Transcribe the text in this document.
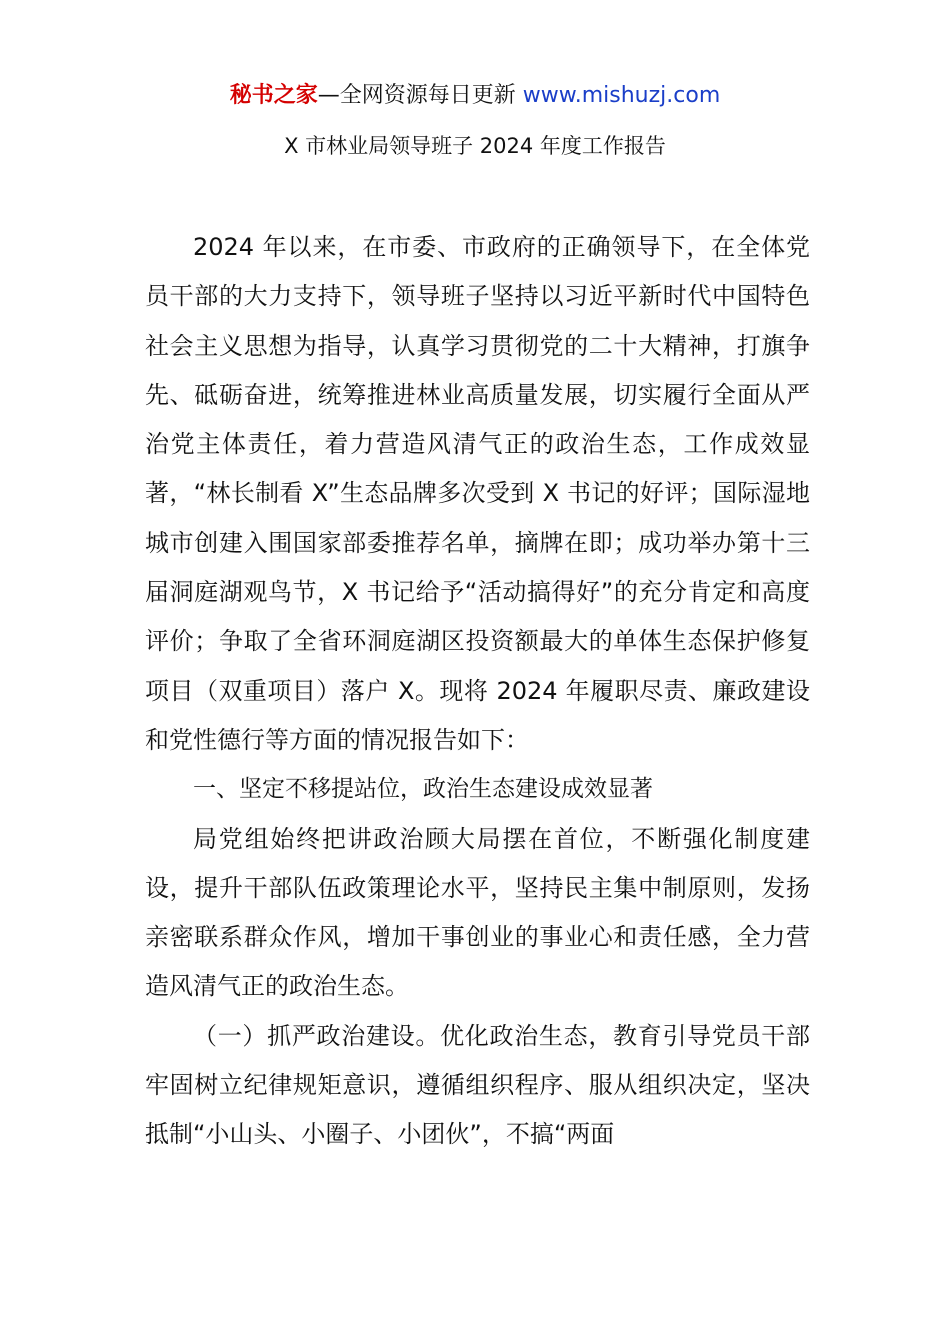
秘书之家—全网资源每日更新 www.mishuzj.com
X 市林业局领导班子 2024 年度工作报告

2024 年以来，在市委、市政府的正确领导下，在全体党员干部的大力支持下，领导班子坚持以习近平新时代中国特色社会主义思想为指导，认真学习贯彻党的二十大精神，打旗争先、砥砺奋进，统筹推进林业高质量发展，切实履行全面从严治党主体责任，着力营造风清气正的政治生态，工作成效显著，“林长制看 X”生态品牌多次受到 X 书记的好评；国际湿地城市创建入围国家部委推荐名单，摘牌在即；成功举办第十三届洞庭湖观鸟节，X 书记给予“活动搞得好”的充分肯定和高度评价；争取了全省环洞庭湖区投资额最大的单体生态保护修复项目（双重项目）落户 X。现将 2024 年履职尽责、廉政建设和党性德行等方面的情况报告如下：

一、坚定不移提站位，政治生态建设成效显著

局党组始终把讲政治顾大局摆在首位，不断强化制度建设，提升干部队伍政策理论水平，坚持民主集中制原则，发扬亲密联系群众作风，增加干事创业的事业心和责任感，全力营造风清气正的政治生态。

（一）抓严政治建设。优化政治生态，教育引导党员干部牢固树立纪律规矩意识，遵循组织程序、服从组织决定，坚决抵制“小山头、小圈子、小团伙”，不搞“两面
